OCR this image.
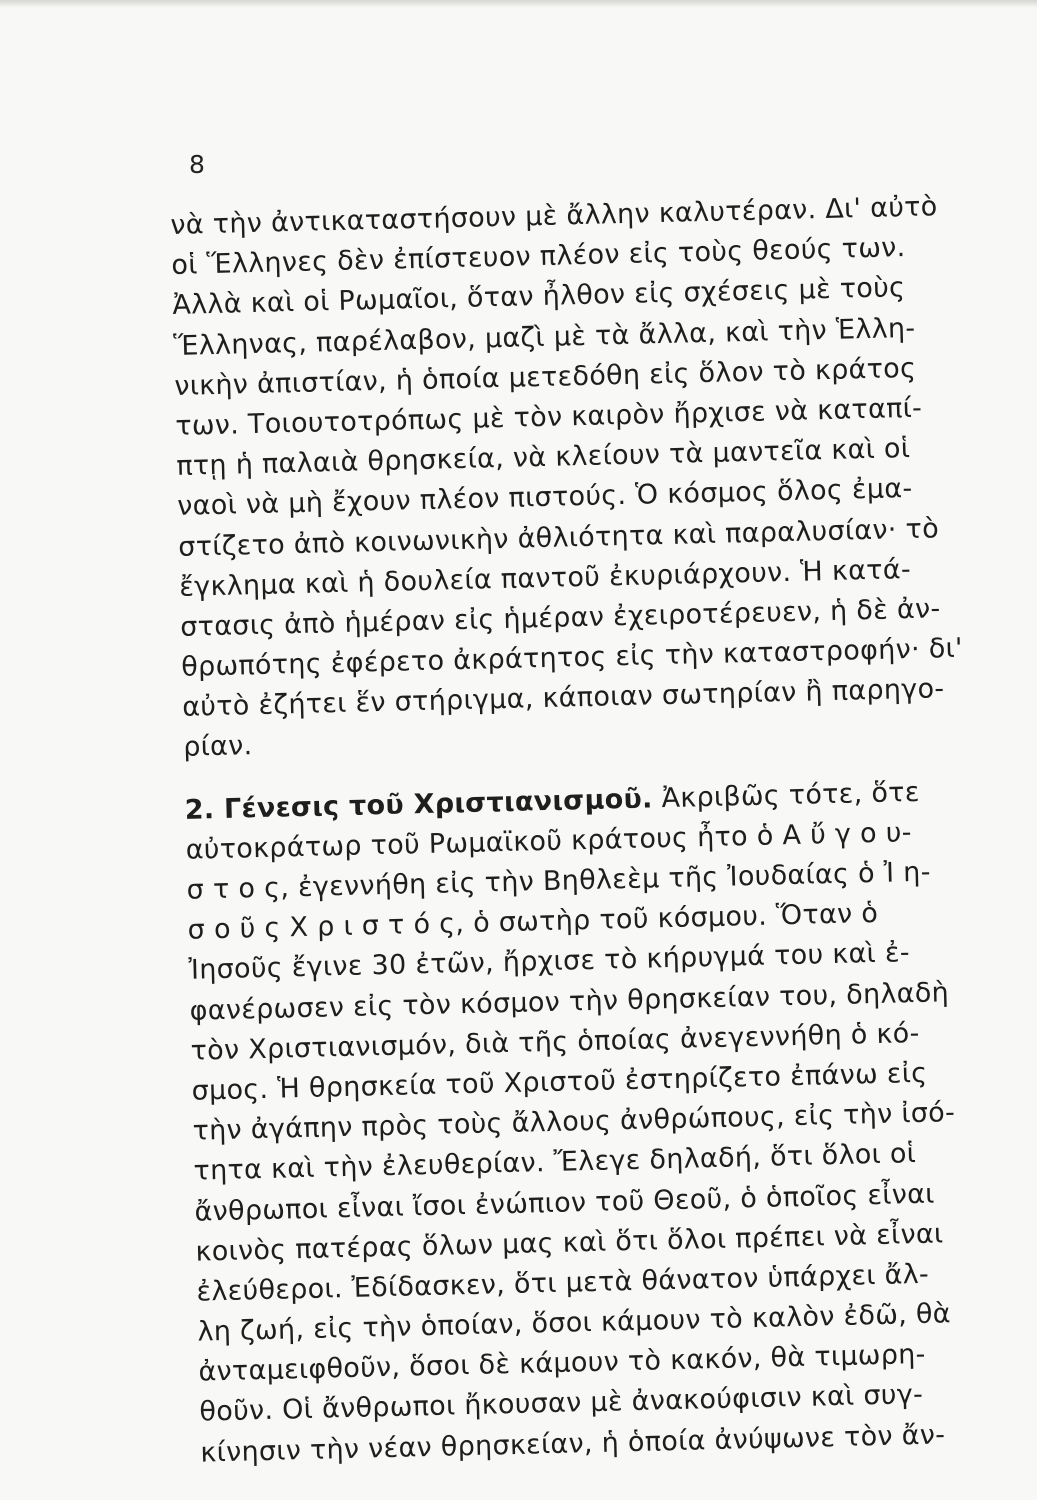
8
νὰ τὴν ἀντικαταστήσουν μὲ ἄλλην καλυτέραν. Δι' αὐτὸ
οἱ Ἕλληνες δὲν ἐπίστευον πλέον εἰς τοὺς θεούς των.
Ἀλλὰ καὶ οἱ Ρωμαῖοι, ὅταν ἦλθον εἰς σχέσεις μὲ τοὺς
Ἕλληνας, παρέλαβον, μαζὶ μὲ τὰ ἄλλα, καὶ τὴν Ἑλλη-
νικὴν ἀπιστίαν, ἡ ὁποία μετεδόθη εἰς ὅλον τὸ κράτος
των. Τοιουτοτρόπως μὲ τὸν καιρὸν ἤρχισε νὰ καταπί-
πτῃ ἡ παλαιὰ θρησκεία, νὰ κλείουν τὰ μαντεῖα καὶ οἱ
ναοὶ νὰ μὴ ἔχουν πλέον πιστούς. Ὁ κόσμος ὅλος ἐμα-
στίζετο ἀπὸ κοινωνικὴν ἀθλιότητα καὶ παραλυσίαν· τὸ
ἔγκλημα καὶ ἡ δουλεία παντοῦ ἐκυριάρχουν. Ἡ κατά-
στασις ἀπὸ ἡμέραν εἰς ἡμέραν ἐχειροτέρευεν, ἡ δὲ ἀν-
θρωπότης ἐφέρετο ἀκράτητος εἰς τὴν καταστροφήν· δι'
αὐτὸ ἐζήτει ἕν στήριγμα, κάποιαν σωτηρίαν ἢ παρηγο-
ρίαν.
2. Γένεσις τοῦ Χριστιανισμοῦ. Ἀκριβῶς τότε, ὅτε
αὐτοκράτωρ τοῦ Ρωμαϊκοῦ κράτους ἦτο ὁ Α ὔ γ ο υ-
σ τ ο ς, ἐγεννήθη εἰς τὴν Βηθλεὲμ τῆς Ἰουδαίας ὁ Ἰ η-
σ ο ῦ ς Χ ρ ι σ τ ό ς, ὁ σωτὴρ τοῦ κόσμου. Ὅταν ὁ
Ἰησοῦς ἔγινε 30 ἐτῶν, ἤρχισε τὸ κήρυγμά του καὶ ἐ-
φανέρωσεν εἰς τὸν κόσμον τὴν θρησκείαν του, δηλαδὴ
τὸν Χριστιανισμόν, διὰ τῆς ὁποίας ἀνεγεννήθη ὁ κό-
σμος. Ἡ θρησκεία τοῦ Χριστοῦ ἐστηρίζετο ἐπάνω εἰς
τὴν ἀγάπην πρὸς τοὺς ἄλλους ἀνθρώπους, εἰς τὴν ἰσό-
τητα καὶ τὴν ἐλευθερίαν. Ἔλεγε δηλαδή, ὅτι ὅλοι οἱ
ἄνθρωποι εἶναι ἴσοι ἐνώπιον τοῦ Θεοῦ, ὁ ὁποῖος εἶναι
κοινὸς πατέρας ὅλων μας καὶ ὅτι ὅλοι πρέπει νὰ εἶναι
ἐλεύθεροι. Ἐδίδασκεν, ὅτι μετὰ θάνατον ὑπάρχει ἄλ-
λη ζωή, εἰς τὴν ὁποίαν, ὅσοι κάμουν τὸ καλὸν ἐδῶ, θὰ
ἀνταμειφθοῦν, ὅσοι δὲ κάμουν τὸ κακόν, θὰ τιμωρη-
θοῦν. Οἱ ἄνθρωποι ἤκουσαν μὲ ἀνακούφισιν καὶ συγ-
κίνησιν τὴν νέαν θρησκείαν, ἡ ὁποία ἀνύψωνε τὸν ἄν-
